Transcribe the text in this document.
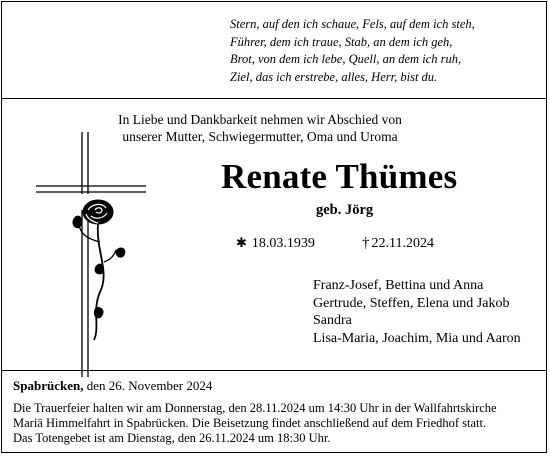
Stern, auf den ich schaue, Fels, auf dem ich steh,
Führer, dem ich traue, Stab, an dem ich geh,
Brot, von dem ich lebe, Quell, an dem ich ruh,
Ziel, das ich erstrebe, alles, Herr, bist du.
In Liebe und Dankbarkeit nehmen wir Abschied von
unserer Mutter, Schwiegermutter, Oma und Uroma
Renate Thümes
geb. Jörg
✱ 18.03.1939	† 22.11.2024
Franz-Josef, Bettina und Anna
Gertrude, Steffen, Elena und Jakob
Sandra
Lisa-Maria, Joachim, Mia und Aaron
Spabrücken, den 26. November 2024
Die Trauerfeier halten wir am Donnerstag, den 28.11.2024 um 14:30 Uhr in der Wallfahrtskirche
Mariä Himmelfahrt in Spabrücken. Die Beisetzung findet anschließend auf dem Friedhof statt.
Das Totengebet ist am Dienstag, den 26.11.2024 um 18:30 Uhr.
